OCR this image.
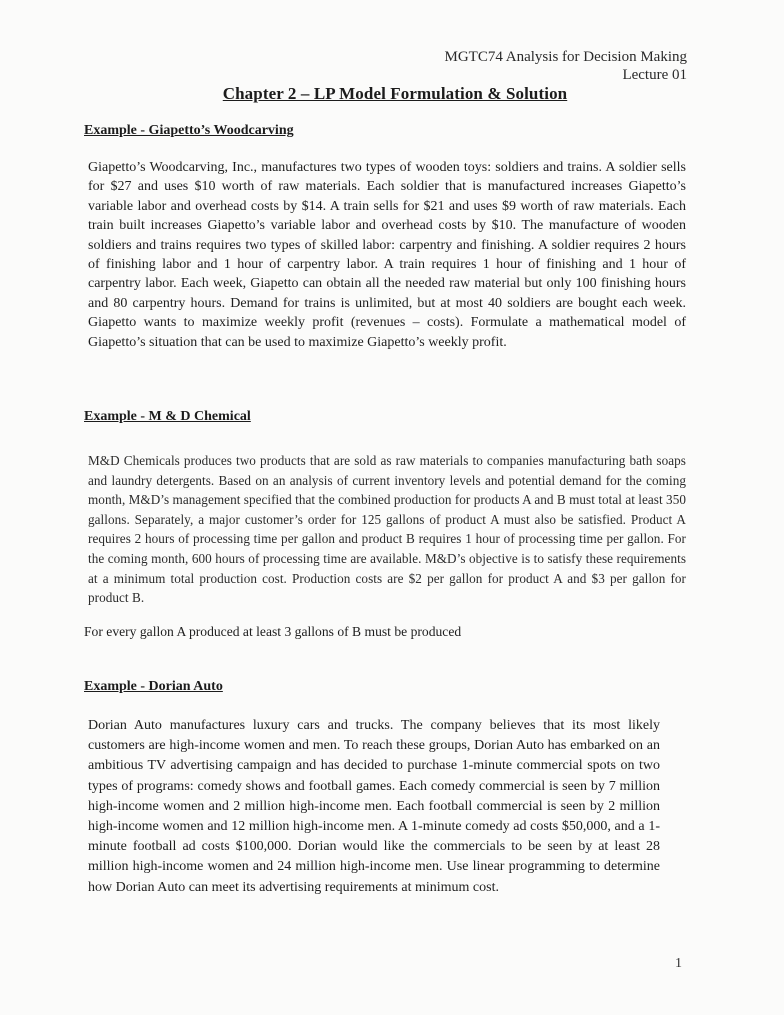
MGTC74 Analysis for Decision Making
Lecture 01
Chapter 2 – LP Model Formulation & Solution
Example - Giapetto’s Woodcarving
Giapetto’s Woodcarving, Inc., manufactures two types of wooden toys: soldiers and trains. A soldier sells for $27 and uses $10 worth of raw materials. Each soldier that is manufactured increases Giapetto’s variable labor and overhead costs by $14. A train sells for $21 and uses $9 worth of raw materials. Each train built increases Giapetto’s variable labor and overhead costs by $10. The manufacture of wooden soldiers and trains requires two types of skilled labor: carpentry and finishing. A soldier requires 2 hours of finishing labor and 1 hour of carpentry labor. A train requires 1 hour of finishing and 1 hour of carpentry labor. Each week, Giapetto can obtain all the needed raw material but only 100 finishing hours and 80 carpentry hours. Demand for trains is unlimited, but at most 40 soldiers are bought each week. Giapetto wants to maximize weekly profit (revenues – costs). Formulate a mathematical model of Giapetto’s situation that can be used to maximize Giapetto’s weekly profit.
Example - M & D Chemical
M&D Chemicals produces two products that are sold as raw materials to companies manufacturing bath soaps and laundry detergents. Based on an analysis of current inventory levels and potential demand for the coming month, M&D’s management specified that the combined production for products A and B must total at least 350 gallons. Separately, a major customer’s order for 125 gallons of product A must also be satisfied. Product A requires 2 hours of processing time per gallon and product B requires 1 hour of processing time per gallon. For the coming month, 600 hours of processing time are available. M&D’s objective is to satisfy these requirements at a minimum total production cost. Production costs are $2 per gallon for product A and $3 per gallon for product B.
For every gallon A produced at least 3 gallons of B must be produced
Example - Dorian Auto
Dorian Auto manufactures luxury cars and trucks. The company believes that its most likely customers are high-income women and men. To reach these groups, Dorian Auto has embarked on an ambitious TV advertising campaign and has decided to purchase 1-minute commercial spots on two types of programs: comedy shows and football games. Each comedy commercial is seen by 7 million high-income women and 2 million high-income men. Each football commercial is seen by 2 million high-income women and 12 million high-income men. A 1-minute comedy ad costs $50,000, and a 1-minute football ad costs $100,000. Dorian would like the commercials to be seen by at least 28 million high-income women and 24 million high-income men. Use linear programming to determine how Dorian Auto can meet its advertising requirements at minimum cost.
1
